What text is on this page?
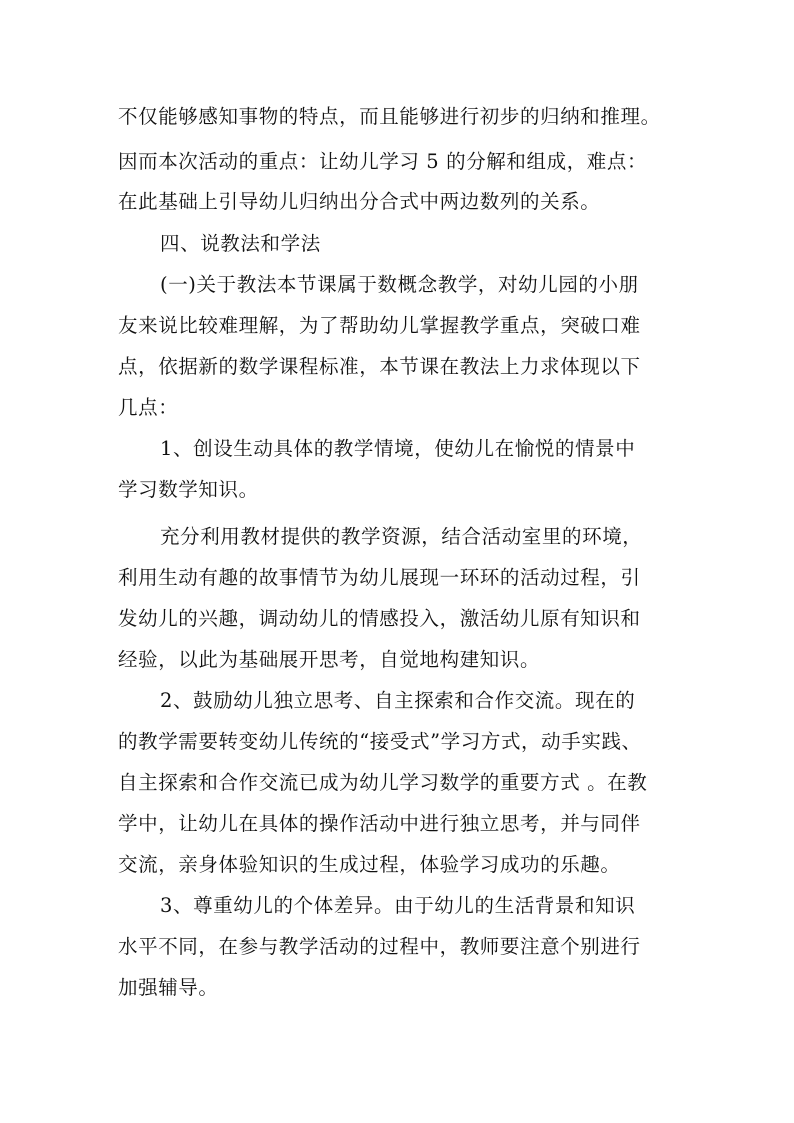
不仅能够感知事物的特点，而且能够进行初步的归纳和推理。
因而本次活动的重点：让幼儿学习 5 的分解和组成，难点：
在此基础上引导幼儿归纳出分合式中两边数列的关系。
四、说教法和学法
(一)关于教法本节课属于数概念教学，对幼儿园的小朋
友来说比较难理解，为了帮助幼儿掌握教学重点，突破口难
点，依据新的数学课程标准，本节课在教法上力求体现以下
几点：
1、创设生动具体的教学情境，使幼儿在愉悦的情景中
学习数学知识。
充分利用教材提供的教学资源，结合活动室里的环境，
利用生动有趣的故事情节为幼儿展现一环环的活动过程，引
发幼儿的兴趣，调动幼儿的情感投入，激活幼儿原有知识和
经验，以此为基础展开思考，自觉地构建知识。
2、鼓励幼儿独立思考、自主探索和合作交流。现在的
的教学需要转变幼儿传统的“接受式”学习方式，动手实践、
自主探索和合作交流已成为幼儿学习数学的重要方式 。在教
学中，让幼儿在具体的操作活动中进行独立思考，并与同伴
交流，亲身体验知识的生成过程，体验学习成功的乐趣。
3、尊重幼儿的个体差异。由于幼儿的生活背景和知识
水平不同，在参与教学活动的过程中，教师要注意个别进行
加强辅导。
